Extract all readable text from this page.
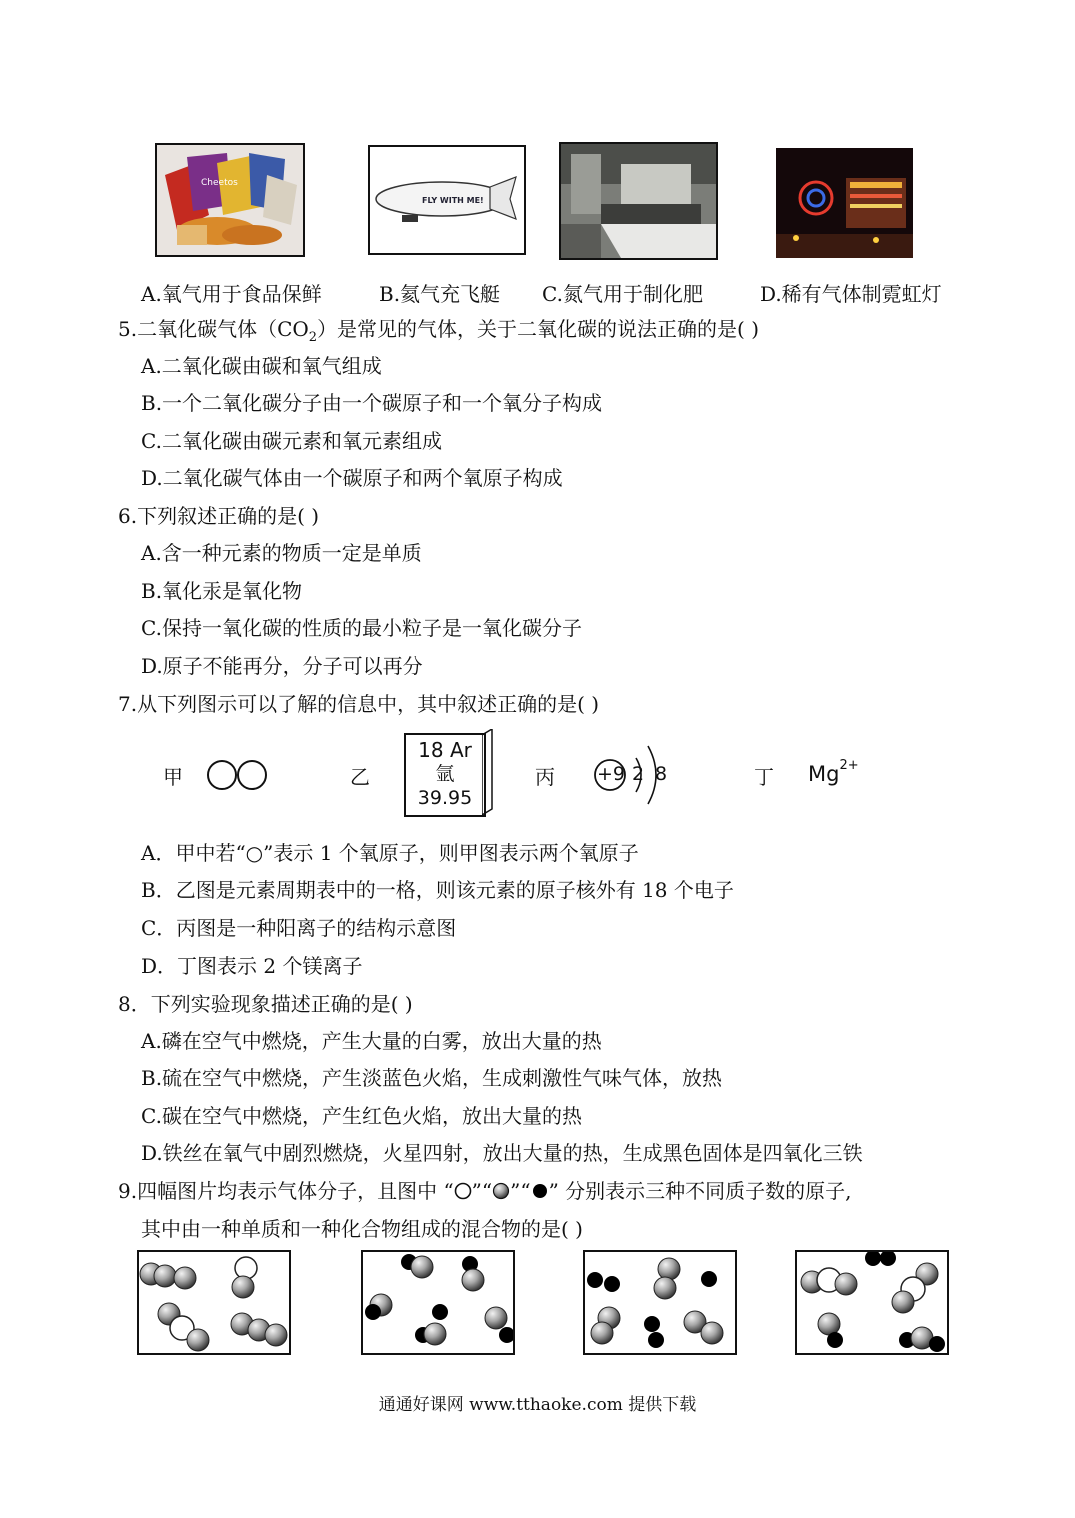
Cheetos
FLY WITH ME!
A.氧气用于食品保鲜	B.氦气充飞艇 C.氮气用于制化肥	D.稀有气体制霓虹灯
5.二氧化碳气体$(CO_2)$是常见的气体，关于二氧化碳的说法正确的是( )
A.二氧化碳由碳和氧气组成
B.一个二氧化碳分子由一个碳原子和一个氧分子构成
C.二氧化碳由碳元素和氧元素组成
D.二氧化碳气体由一个碳原子和两个氧原子构成
6.下列叙述正确的是( )
A.含一种元素的物质一定是单质
B.氧化汞是氧化物
C.保持一氧化碳的性质的最小粒子是一氧化碳分子
D.原子不能再分，分子可以再分
7.从下列图示可以了解的信息中，其中叙述正确的是( )
甲	乙
18 Ar
氩
39.95
丙 +9 2 8	丁 $Mg^{2+}$
A．甲中若“○”表示 1 个氧原子，则甲图表示两个氧原子
B．乙图是元素周期表中的一格，则该元素的原子核外有 18 个电子
C．丙图是一种阳离子的结构示意图
D．丁图表示 2 个镁离子
8．下列实验现象描述正确的是( )
A.磷在空气中燃烧，产生大量的白雾，放出大量的热
B.硫在空气中燃烧，产生淡蓝色火焰，生成刺激性气味气体，放热
C.碳在空气中燃烧，产生红色火焰，放出大量的热
D.铁丝在氧气中剧烈燃烧，火星四射，放出大量的热，生成黑色固体是四氧化三铁
9.四幅图片均表示气体分子，且图中 “ ”“ ”“ ” 分别表示三种不同质子数的原子,
其中由一种单质和一种化合物组成的混合物的是( )
通通好课网 www.tthaoke.com 提供下载
